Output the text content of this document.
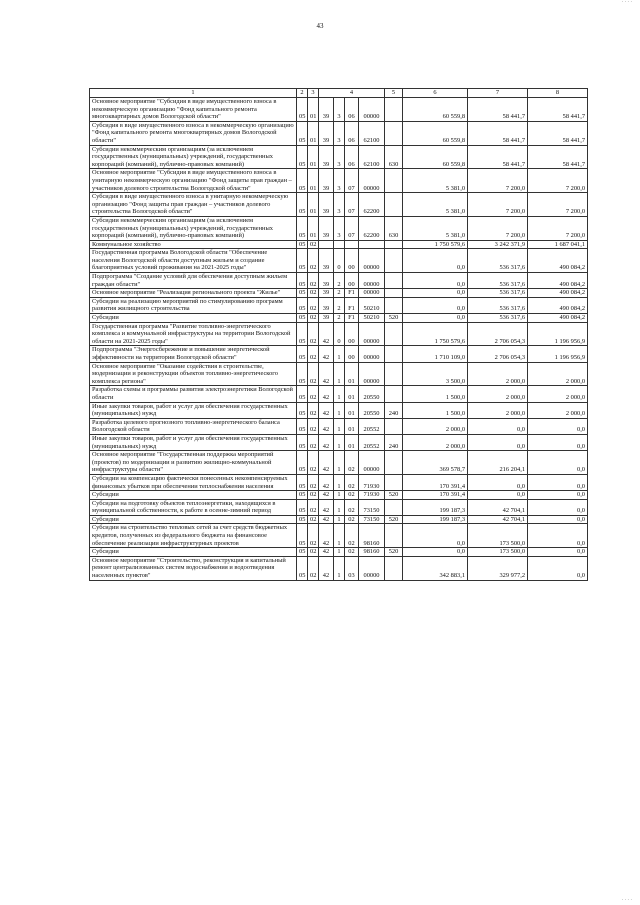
43
· · · ·
· · · ·
1	2	3	4				5	6	7	8
Основное мероприятие "Субсидия в виде имущественного взноса в некоммерческую организацию "Фонд капитального ремонта многоквартирных домов Вологодской области"	05	01	39	3	06	00000		60 559,8	58 441,7	58 441,7
Субсидия в виде имущественного взноса в некоммерческую организацию "Фонд капитального ремонта многоквартирных домов Вологодской области"	05	01	39	3	06	62100		60 559,8	58 441,7	58 441,7
Субсидии некоммерческим организациям (за исключением государственных (муниципальных) учреждений, государственных корпораций (компаний), публично-правовых компаний)	05	01	39	3	06	62100	630	60 559,8	58 441,7	58 441,7
Основное мероприятие "Субсидия в виде имущественного взноса в унитарную некоммерческую организацию "Фонд защиты прав граждан – участников долевого строительства Вологодской области"	05	01	39	3	07	00000		5 381,0	7 200,0	7 200,0
Субсидия в виде имущественного взноса в унитарную некоммерческую организацию "Фонд защиты прав граждан – участников долевого строительства Вологодской области"	05	01	39	3	07	62200		5 381,0	7 200,0	7 200,0
Субсидии некоммерческим организациям (за исключением государственных (муниципальных) учреждений, государственных корпораций (компаний), публично-правовых компаний)	05	01	39	3	07	62200	630	5 381,0	7 200,0	7 200,0
Коммунальное хозяйство	05	02						1 750 579,6	3 242 371,9	1 687 041,1
Государственная программа Вологодской области "Обеспечение населения Вологодской области доступным жильем и создание благоприятных условий проживания на 2021-2025 годы"	05	02	39	0	00	00000		0,0	536 317,6	490 084,2
Подпрограмма "Создание условий для обеспечения доступным жильем граждан области"	05	02	39	2	00	00000		0,0	536 317,6	490 084,2
Основное мероприятие "Реализация регионального проекта "Жилье"	05	02	39	2	F1	00000		0,0	536 317,6	490 084,2
Субсидии на реализацию мероприятий по стимулированию программ развития жилищного строительства	05	02	39	2	F1	50210		0,0	536 317,6	490 084,2
Субсидии	05	02	39	2	F1	50210	520	0,0	536 317,6	490 084,2
Государственная программа "Развитие топливно-энергетического комплекса и коммунальной инфраструктуры на территории Вологодской области на 2021-2025 годы"	05	02	42	0	00	00000		1 750 579,6	2 706 054,3	1 196 956,9
Подпрограмма "Энергосбережение и повышение энергетической эффективности на территории Вологодской области"	05	02	42	1	00	00000		1 710 109,0	2 706 054,3	1 196 956,9
Основное мероприятие "Оказание содействия в строительстве, модернизации и реконструкции объектов топливно-энергетического комплекса региона"	05	02	42	1	01	00000		3 500,0	2 000,0	2 000,0
Разработка схемы и программы развития электроэнергетики Вологодской области	05	02	42	1	01	20550		1 500,0	2 000,0	2 000,0
Иные закупки товаров, работ и услуг для обеспечения государственных (муниципальных) нужд	05	02	42	1	01	20550	240	1 500,0	2 000,0	2 000,0
Разработка целевого прогнозного топливно-энергетического баланса Вологодской области	05	02	42	1	01	20552		2 000,0	0,0	0,0
Иные закупки товаров, работ и услуг для обеспечения государственных (муниципальных) нужд	05	02	42	1	01	20552	240	2 000,0	0,0	0,0
Основное мероприятие "Государственная поддержка мероприятий (проектов) по модернизации и развитию жилищно-коммунальной инфраструктуры области"	05	02	42	1	02	00000		369 578,7	216 204,1	0,0
Субсидии на компенсацию фактически понесенных некомпенсируемых финансовых убытков при обеспечении теплоснабжения населения	05	02	42	1	02	71930		170 391,4	0,0	0,0
Субсидии	05	02	42	1	02	71930	520	170 391,4	0,0	0,0
Субсидии на подготовку объектов теплоэнергетики, находящихся в муниципальной собственности, к работе в осенне-зимний период	05	02	42	1	02	73150		199 187,3	42 704,1	0,0
Субсидии	05	02	42	1	02	73150	520	199 187,3	42 704,1	0,0
Субсидии на строительство тепловых сетей за счет средств бюджетных кредитов, полученных из федерального бюджета на финансовое обеспечение реализации инфраструктурных проектов	05	02	42	1	02	98160		0,0	173 500,0	0,0
Субсидии	05	02	42	1	02	98160	520	0,0	173 500,0	0,0
Основное мероприятие "Строительство, реконструкция и капитальный ремонт централизованных систем водоснабжения и водоотведения населенных пунктов"	05	02	42	1	03	00000		342 883,1	329 977,2	0,0
